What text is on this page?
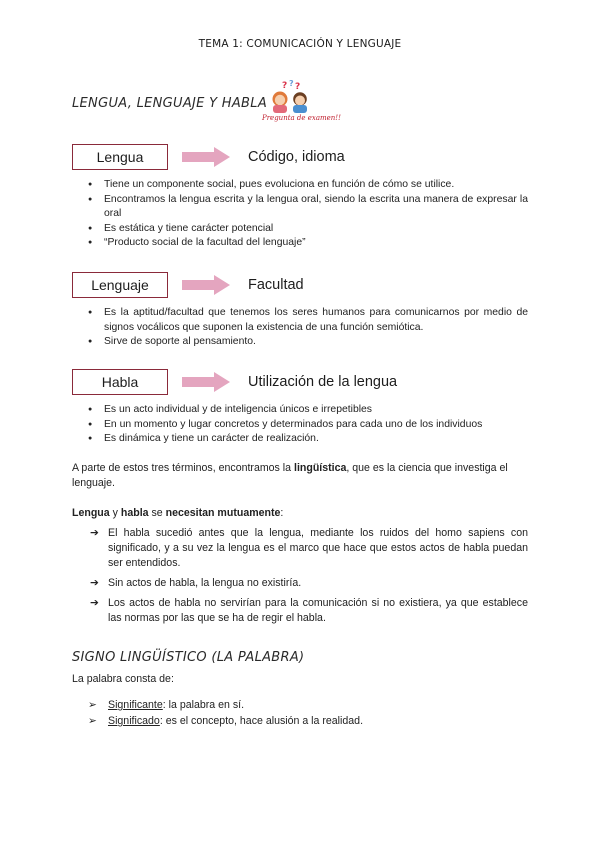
TEMA 1: COMUNICACIÓN Y LENGUAJE
LENGUA, LENGUAJE Y HABLA
? ? ?
Pregunta de examen!!
Lengua	Código, idioma
● Tiene un componente social, pues evoluciona en función de cómo se utilice.
● Encontramos la lengua escrita y la lengua oral, siendo la escrita una manera de expresar la oral
● Es estática y tiene carácter potencial
● “Producto social de la facultad del lenguaje”
Lenguaje	Facultad
● Es la aptitud/facultad que tenemos los seres humanos para comunicarnos por medio de signos vocálicos que suponen la existencia de una función semiótica.
● Sirve de soporte al pensamiento.
Habla	Utilización de la lengua
● Es un acto individual y de inteligencia únicos e irrepetibles
● En un momento y lugar concretos y determinados para cada uno de los individuos
● Es dinámica y tiene un carácter de realización.
A parte de estos tres términos, encontramos la lingüística, que es la ciencia que investiga el lenguaje.
Lengua y habla se necesitan mutuamente:
➔ El habla sucedió antes que la lengua, mediante los ruidos del homo sapiens con significado, y a su vez la lengua es el marco que hace que estos actos de habla puedan ser entendidos.
➔ Sin actos de habla, la lengua no existiría.
➔ Los actos de habla no servirían para la comunicación si no existiera, ya que establece las normas por las que se ha de regir el habla.
SIGNO LINGÜÍSTICO (LA PALABRA)
La palabra consta de:
➢ Significante: la palabra en sí.
➢ Significado: es el concepto, hace alusión a la realidad.
